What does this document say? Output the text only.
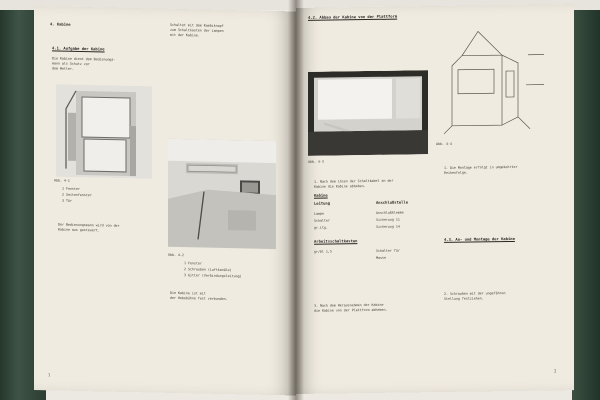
4. Kabine
4.1. Aufgabe der Kabine
Die Kabine dient dem Bedienungs-
mann als Schutz vor
dem Wetter.
1 Fenster
2 Seitenfenster
3 Tür
Abb. 4-1
Schaltet mit dem Kombiknopf
zum Schaltkasten der Lampen
mit der Kabine.
Abb. 4-2
1 Fenster
2 Schrauben (Luftkanäle)
3 Gitter (Verbindungsleitung)
Der Bedienungsmann wird von der
Kabine aus gesteuert.
Die Kabine ist mit
der Hebebühne fest verbunden.
1
4.2. Abbau der Kabine von der Plattform
Abb. 4-3
Abb. 4-4
1. Nach dem Lösen der Schaltkabel an der
Kabine die Kabine abheben.
Kabine
Leitung	Anschlußstelle
Lampe	Anschlußklemme
Schalter	Sicherung 11
gr.Ltg.	Sicherung 14
Arbeitsschaltkasten
gr/bl 1,5	Schalter für
Masse
3. Nach dem Herausnehmen der Kabine
die Kabine von der Plattform abheben.
4.3. An- und Montage der Kabine
1. Die Montage erfolgt in umgekehrter
Reihenfolge.
2. Schrauben mit der ungefähren
Stellung festziehen.
2
